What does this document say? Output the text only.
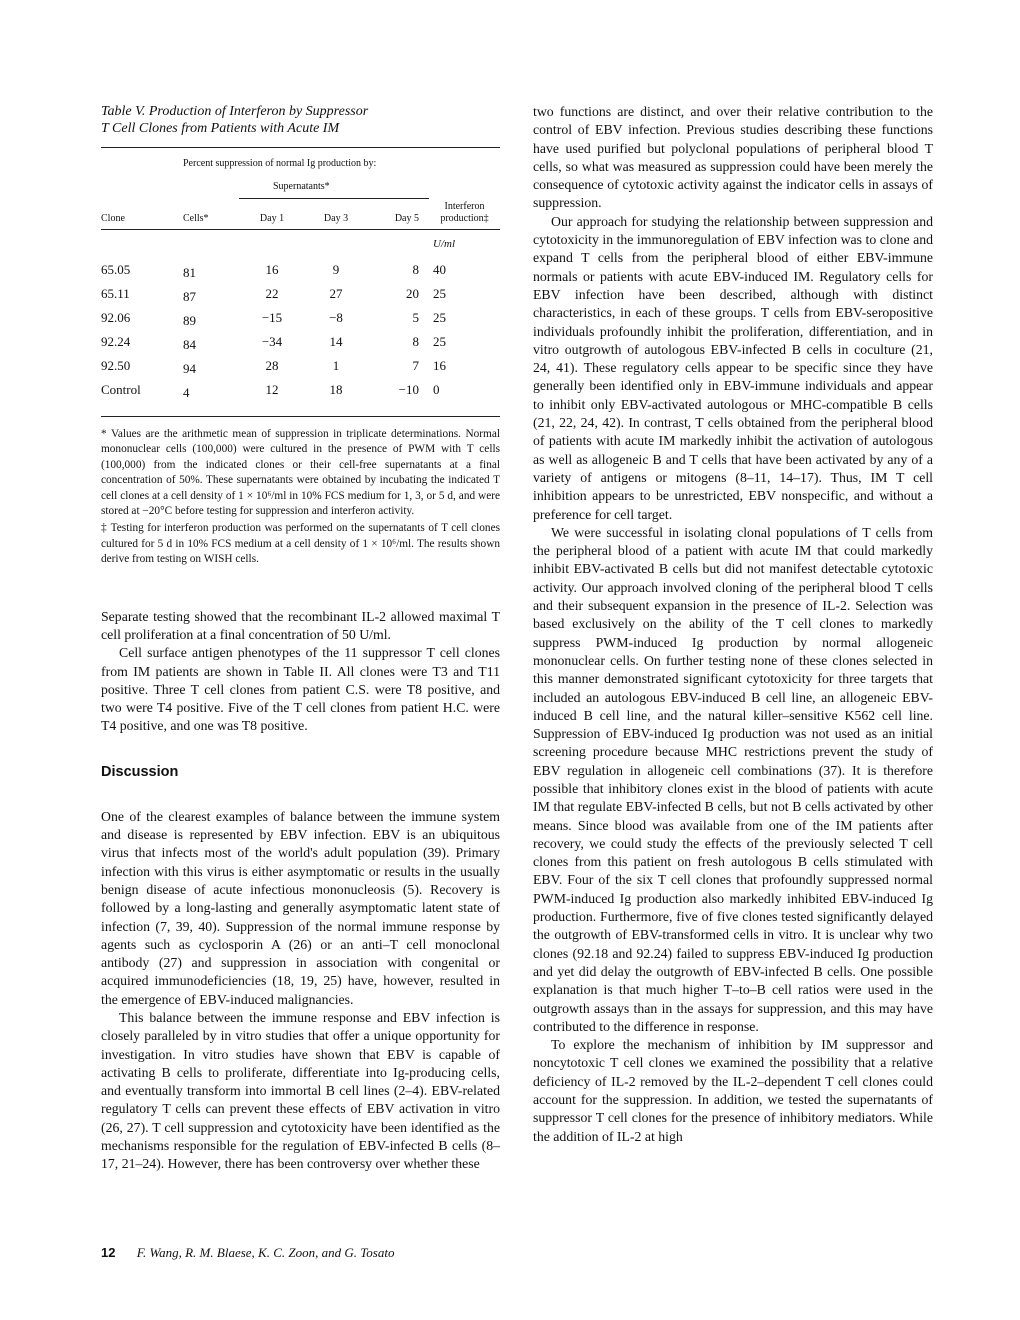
Table V. Production of Interferon by Suppressor

T Cell Clones from Patients with Acute IM

	Percent suppression of normal Ig production by:				
		Supernatants*			

Clone	Cells*	Day 1	Day 3	Day 5	Interferon
production‡

					U/ml
65.05	81	16	9	8	40
65.11	87	22	27	20	25
92.06	89	−15	−8	5	25
92.24	84	−34	14	8	25
92.50	94	28	1	7	16
Control	4	12	18	−10	0

* Values are the arithmetic mean of suppression in triplicate determinations. Normal mononuclear cells (100,000) were cultured in the presence of PWM with T cells (100,000) from the indicated clones or their cell-free supernatants at a final concentration of 50%. These supernatants were obtained by incubating the indicated T cell clones at a cell density of 1 × 10⁶/ml in 10% FCS medium for 1, 3, or 5 d, and were stored at −20°C before testing for suppression and interferon activity.

‡ Testing for interferon production was performed on the supernatants of T cell clones cultured for 5 d in 10% FCS medium at a cell density of 1 × 10⁶/ml. The results shown derive from testing on WISH cells.

Separate testing showed that the recombinant IL-2 allowed maximal T cell proliferation at a final concentration of 50 U/ml.

Cell surface antigen phenotypes of the 11 suppressor T cell clones from IM patients are shown in Table II. All clones were T3 and T11 positive. Three T cell clones from patient C.S. were T8 positive, and two were T4 positive. Five of the T cell clones from patient H.C. were T4 positive, and one was T8 positive.

Discussion

One of the clearest examples of balance between the immune system and disease is represented by EBV infection. EBV is an ubiquitous virus that infects most of the world's adult population (39). Primary infection with this virus is either asymptomatic or results in the usually benign disease of acute infectious mononucleosis (5). Recovery is followed by a long-lasting and generally asymptomatic latent state of infection (7, 39, 40). Suppression of the normal immune response by agents such as cyclosporin A (26) or an anti–T cell monoclonal antibody (27) and suppression in association with congenital or acquired immunodeficiencies (18, 19, 25) have, however, resulted in the emergence of EBV-induced malignancies.

This balance between the immune response and EBV infection is closely paralleled by in vitro studies that offer a unique opportunity for investigation. In vitro studies have shown that EBV is capable of activating B cells to proliferate, differentiate into Ig-producing cells, and eventually transform into immortal B cell lines (2–4). EBV-related regulatory T cells can prevent these effects of EBV activation in vitro (26, 27). T cell suppression and cytotoxicity have been identified as the mechanisms responsible for the regulation of EBV-infected B cells (8–17, 21–24). However, there has been controversy over whether these

two functions are distinct, and over their relative contribution to the control of EBV infection. Previous studies describing these functions have used purified but polyclonal populations of peripheral blood T cells, so what was measured as suppression could have been merely the consequence of cytotoxic activity against the indicator cells in assays of suppression.

Our approach for studying the relationship between suppression and cytotoxicity in the immunoregulation of EBV infection was to clone and expand T cells from the peripheral blood of either EBV-immune normals or patients with acute EBV-induced IM. Regulatory cells for EBV infection have been described, although with distinct characteristics, in each of these groups. T cells from EBV-seropositive individuals profoundly inhibit the proliferation, differentiation, and in vitro outgrowth of autologous EBV-infected B cells in coculture (21, 24, 41). These regulatory cells appear to be specific since they have generally been identified only in EBV-immune individuals and appear to inhibit only EBV-activated autologous or MHC-compatible B cells (21, 22, 24, 42). In contrast, T cells obtained from the peripheral blood of patients with acute IM markedly inhibit the activation of autologous as well as allogeneic B and T cells that have been activated by any of a variety of antigens or mitogens (8–11, 14–17). Thus, IM T cell inhibition appears to be unrestricted, EBV nonspecific, and without a preference for cell target.

We were successful in isolating clonal populations of T cells from the peripheral blood of a patient with acute IM that could markedly inhibit EBV-activated B cells but did not manifest detectable cytotoxic activity. Our approach involved cloning of the peripheral blood T cells and their subsequent expansion in the presence of IL-2. Selection was based exclusively on the ability of the T cell clones to markedly suppress PWM-induced Ig production by normal allogeneic mononuclear cells. On further testing none of these clones selected in this manner demonstrated significant cytotoxicity for three targets that included an autologous EBV-induced B cell line, an allogeneic EBV-induced B cell line, and the natural killer–sensitive K562 cell line. Suppression of EBV-induced Ig production was not used as an initial screening procedure because MHC restrictions prevent the study of EBV regulation in allogeneic cell combinations (37). It is therefore possible that inhibitory clones exist in the blood of patients with acute IM that regulate EBV-infected B cells, but not B cells activated by other means. Since blood was available from one of the IM patients after recovery, we could study the effects of the previously selected T cell clones from this patient on fresh autologous B cells stimulated with EBV. Four of the six T cell clones that profoundly suppressed normal PWM-induced Ig production also markedly inhibited EBV-induced Ig production. Furthermore, five of five clones tested significantly delayed the outgrowth of EBV-transformed cells in vitro. It is unclear why two clones (92.18 and 92.24) failed to suppress EBV-induced Ig production and yet did delay the outgrowth of EBV-infected B cells. One possible explanation is that much higher T–to–B cell ratios were used in the outgrowth assays than in the assays for suppression, and this may have contributed to the difference in response.

To explore the mechanism of inhibition by IM suppressor and noncytotoxic T cell clones we examined the possibility that a relative deficiency of IL-2 removed by the IL-2–dependent T cell clones could account for the suppression. In addition, we tested the supernatants of suppressor T cell clones for the presence of inhibitory mediators. While the addition of IL-2 at high

12 F. Wang, R. M. Blaese, K. C. Zoon, and G. Tosato
